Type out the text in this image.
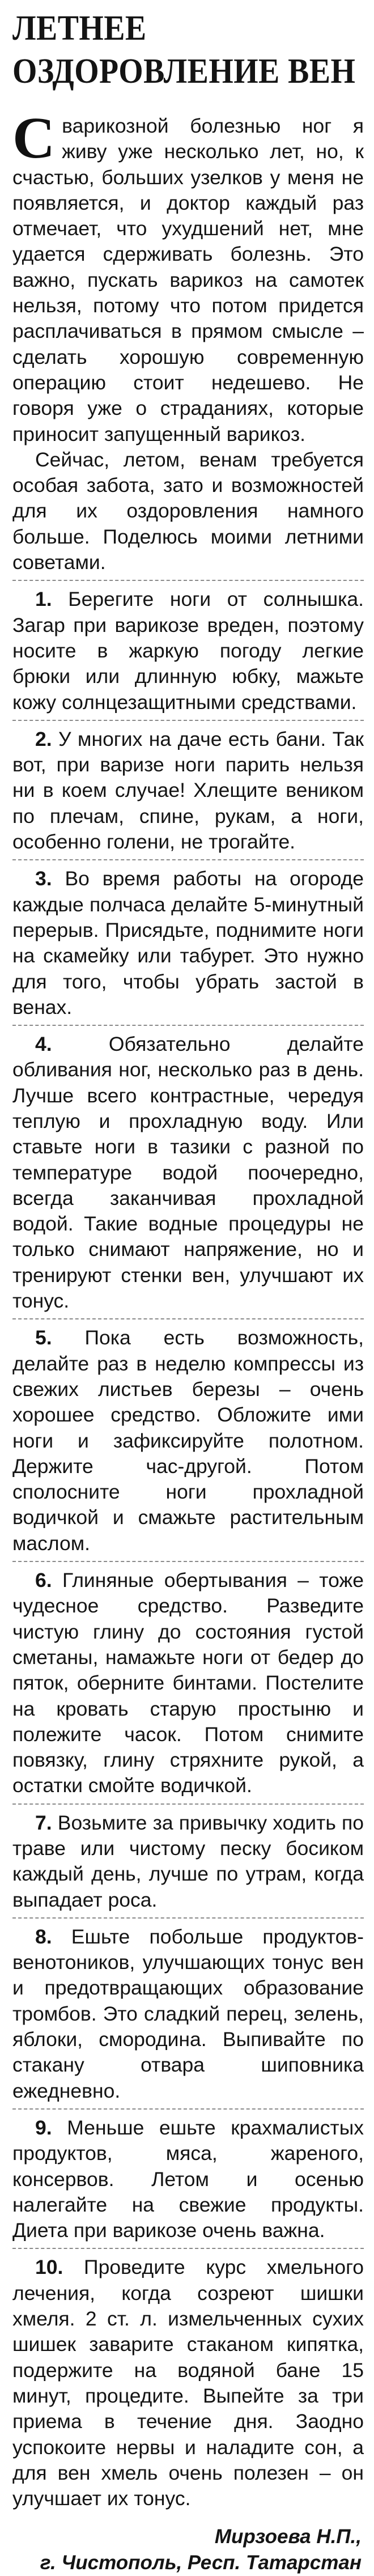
ЛЕТНЕЕ
ОЗДОРОВЛЕНИЕ ВЕН

С варикозной болезнью ног я живу уже несколько лет, но, к счастью, больших узелков у меня не появляется, и доктор каждый раз отмечает, что ухудшений нет, мне удается сдерживать болезнь. Это важно, пускать варикоз на самотек нельзя, потому что потом придется расплачиваться в прямом смысле – сделать хорошую современную операцию стоит недешево. Не говоря уже о страданиях, которые приносит запущенный варикоз.

Сейчас, летом, венам требуется особая забота, зато и возможностей для их оздоровления намного больше. Поделюсь моими летними советами.

1. Берегите ноги от солнышка. Загар при варикозе вреден, поэтому носите в жаркую погоду легкие брюки или длинную юбку, мажьте кожу солнцезащитными средствами.

2. У многих на даче есть бани. Так вот, при варизе ноги парить нельзя ни в коем случае! Хлещите веником по плечам, спине, рукам, а ноги, особенно голени, не трогайте.

3. Во время работы на огороде каждые полчаса делайте 5-минутный перерыв. Присядьте, поднимите ноги на скамейку или табурет. Это нужно для того, чтобы убрать застой в венах.

4. Обязательно делайте обливания ног, несколько раз в день. Лучше всего контрастные, чередуя теплую и прохладную воду. Или ставьте ноги в тазики с разной по температуре водой поочередно, всегда заканчивая прохладной водой. Такие водные процедуры не только снимают напряжение, но и тренируют стенки вен, улучшают их тонус.

5. Пока есть возможность, делайте раз в неделю компрессы из свежих листьев березы – очень хорошее средство. Обложите ими ноги и зафиксируйте полотном. Держите час-другой. Потом сполосните ноги прохладной водичкой и смажьте растительным маслом.

6. Глиняные обертывания – тоже чудесное средство. Разведите чистую глину до состояния густой сметаны, намажьте ноги от бедер до пяток, оберните бинтами. Постелите на кровать старую простыню и полежите часок. Потом снимите повязку, глину стряхните рукой, а остатки смойте водичкой.

7. Возьмите за привычку ходить по траве или чистому песку босиком каждый день, лучше по утрам, когда выпадает роса.

8. Ешьте побольше продуктов-венотоников, улучшающих тонус вен и предотвращающих образование тромбов. Это сладкий перец, зелень, яблоки, смородина. Выпивайте по стакану отвара шиповника ежедневно.

9. Меньше ешьте крахмалистых продуктов, мяса, жареного, консервов. Летом и осенью налегайте на свежие продукты. Диета при варикозе очень важна.

10. Проведите курс хмельного лечения, когда созреют шишки хмеля. 2 ст. л. измельченных сухих шишек заварите стаканом кипятка, подержите на водяной бане 15 минут, процедите. Выпейте за три приема в течение дня. Заодно успокоите нервы и наладите сон, а для вен хмель очень полезен – он улучшает их тонус.

Мирзоева Н.П.,
г. Чистополь, Респ. Татарстан
